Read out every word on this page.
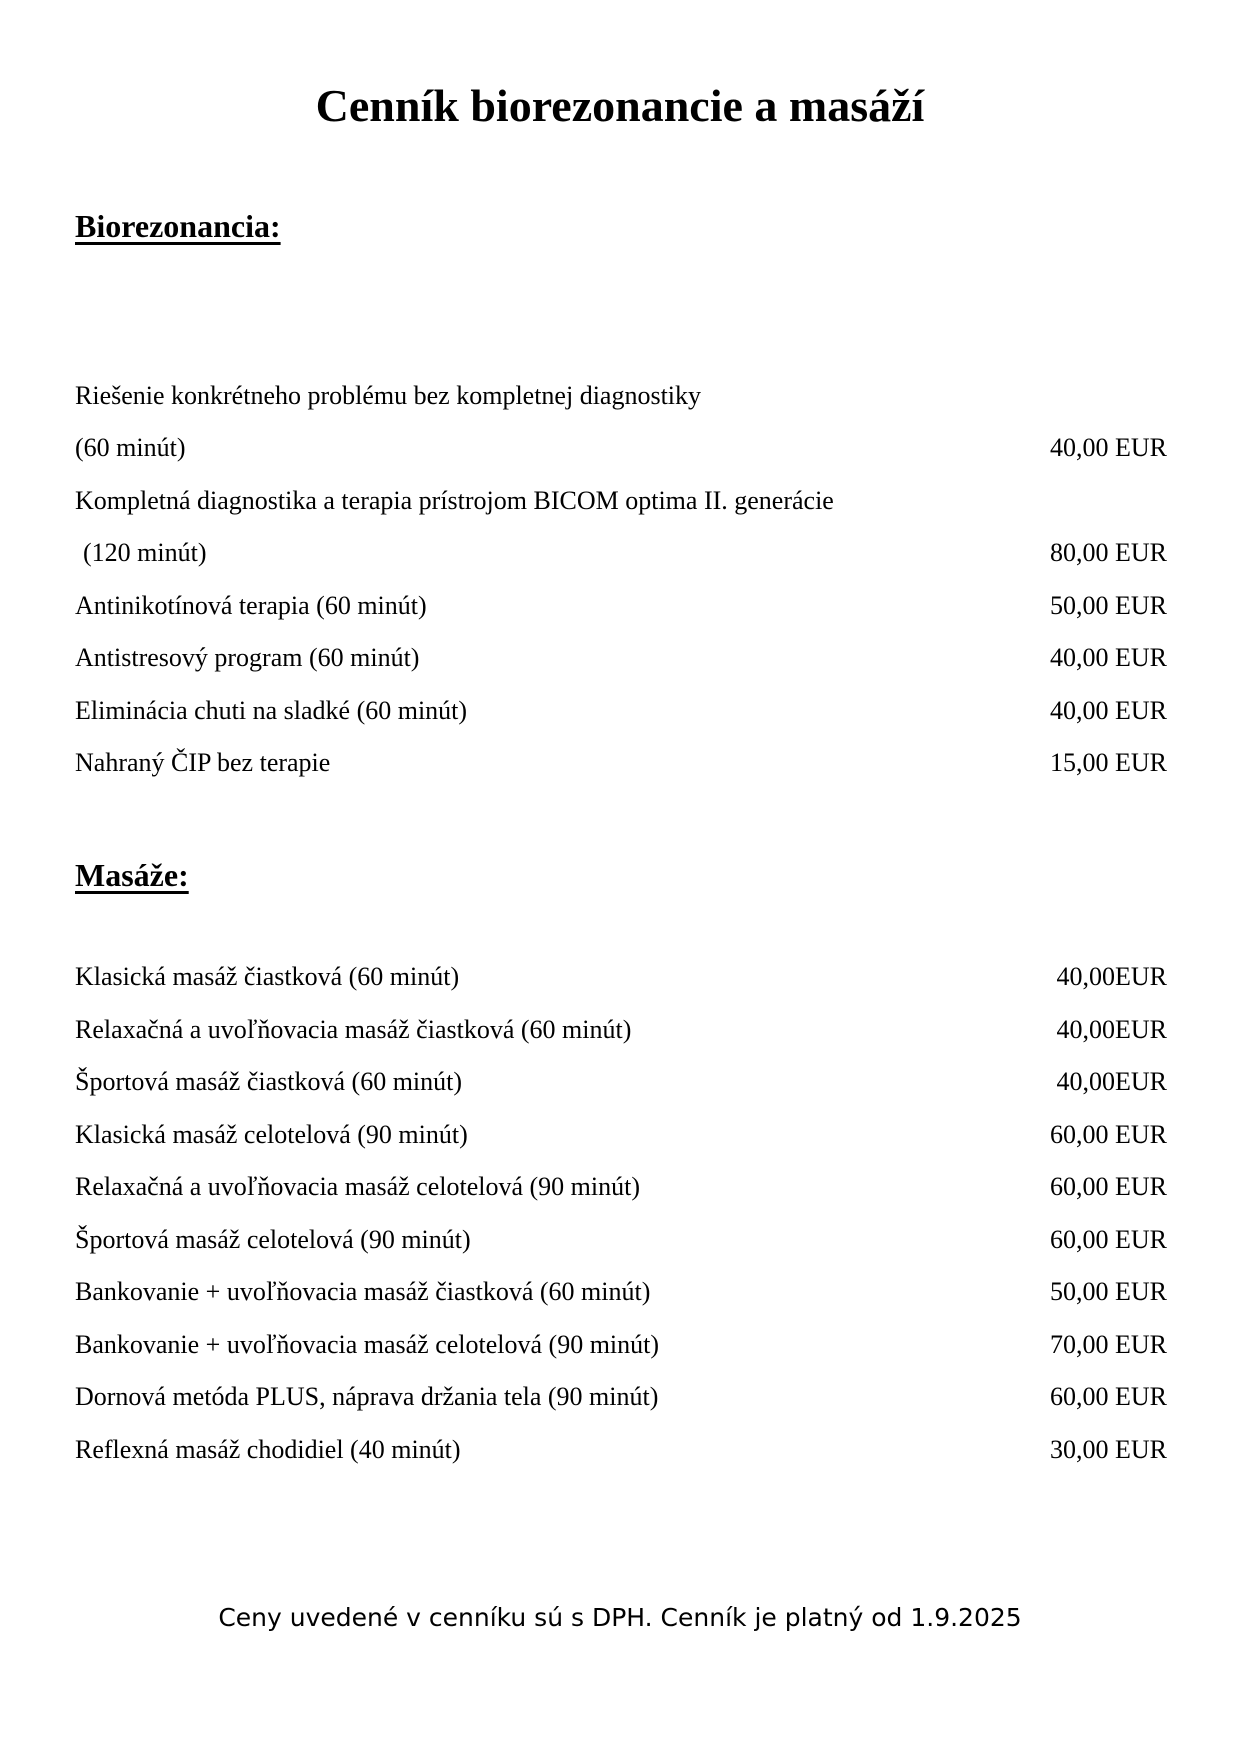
Cenník biorezonancie a masáží
Biorezonancia:
Riešenie konkrétneho problému bez kompletnej diagnostiky
(60 minút)	40,00 EUR
Kompletná diagnostika a terapia prístrojom BICOM optima II. generácie
(120 minút)	80,00 EUR
Antinikotínová terapia (60 minút)	50,00 EUR
Antistresový program (60 minút)	40,00 EUR
Eliminácia chuti na sladké (60 minút)	40,00 EUR
Nahraný ČIP bez terapie	15,00 EUR
Masáže:
Klasická masáž čiastková (60 minút)	40,00EUR
Relaxačná a uvoľňovacia masáž čiastková (60 minút)	40,00EUR
Športová masáž čiastková (60 minút)	40,00EUR
Klasická masáž celotelová (90 minút)	60,00 EUR
Relaxačná a uvoľňovacia masáž celotelová (90 minút)	60,00 EUR
Športová masáž celotelová (90 minút)	60,00 EUR
Bankovanie + uvoľňovacia masáž čiastková (60 minút)	50,00 EUR
Bankovanie + uvoľňovacia masáž celotelová (90 minút)	70,00 EUR
Dornová metóda PLUS, náprava držania tela (90 minút)	60,00 EUR
Reflexná masáž chodidiel (40 minút)	30,00 EUR
Ceny uvedené v cenníku sú s DPH. Cenník je platný od 1.9.2025
